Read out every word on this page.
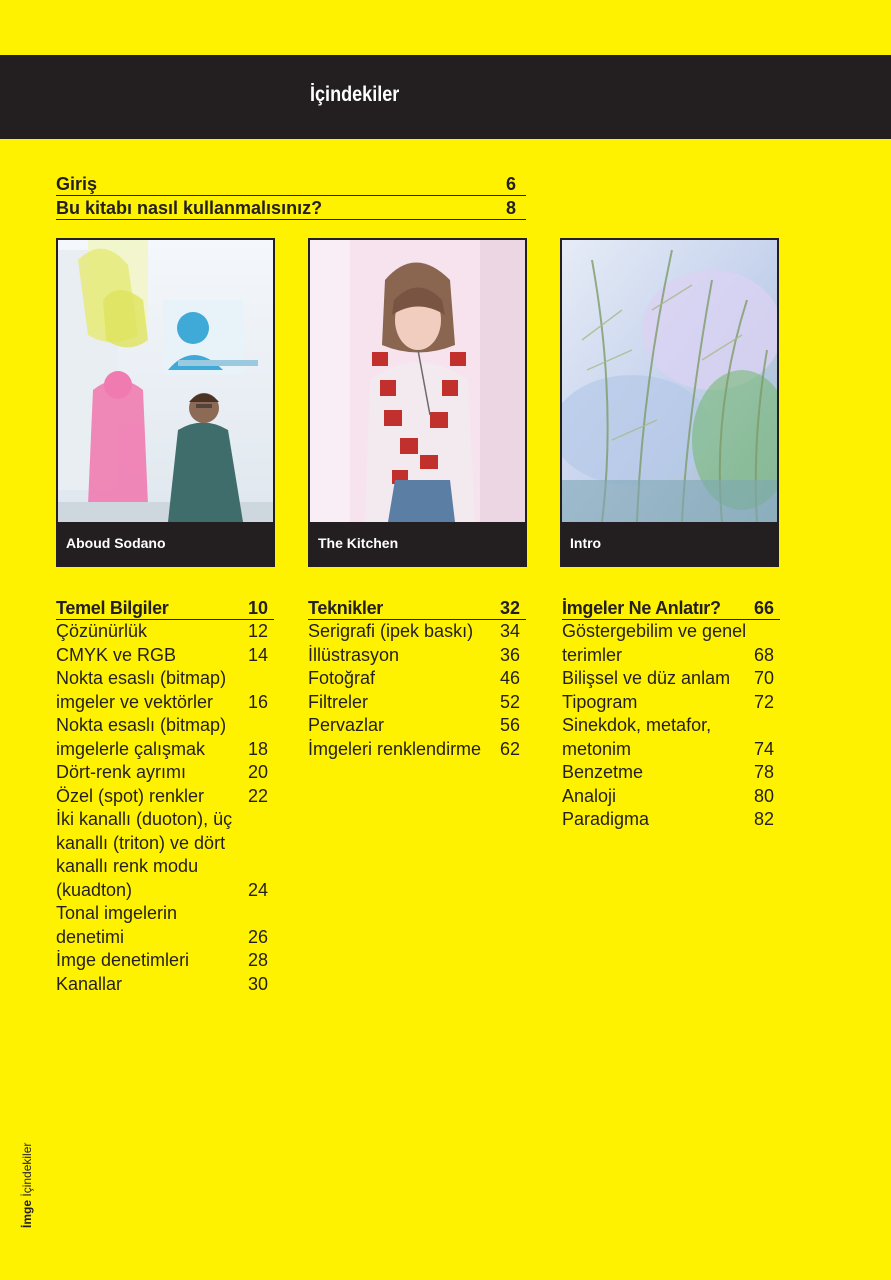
İçindekiler
Giriş	6
Bu kitabı nasıl kullanmalısınız?	8
Aboud Sodano	The Kitchen	Intro
Temel Bilgiler	10
Çözünürlük	12
CMYK ve RGB	14
Nokta esaslı (bitmap)
imgeler ve vektörler	16
Nokta esaslı (bitmap)
imgelerle çalışmak	18
Dört-renk ayrımı	20
Özel (spot) renkler 22
İki kanallı (duoton), üç
kanallı (triton) ve dört
kanallı renk modu
(kuadton)	24
Tonal imgelerin
denetimi	26
İmge denetimleri	28
Kanallar	30
Teknikler	32
Serigrafi (ipek baskı) 34
İllüstrasyon	36
Fotoğraf	46
Filtreler	52
Pervazlar	56
İmgeleri renklendirme 62
İmgeler Ne Anlatır? 66
Göstergebilim ve genel
terimler	68
Bilişsel ve düz anlam 70
Tipogram	72
Sinekdok, metafor,
metonim	74
Benzetme	78
Analoji	80
Paradigma	82
İmge İçindekiler
